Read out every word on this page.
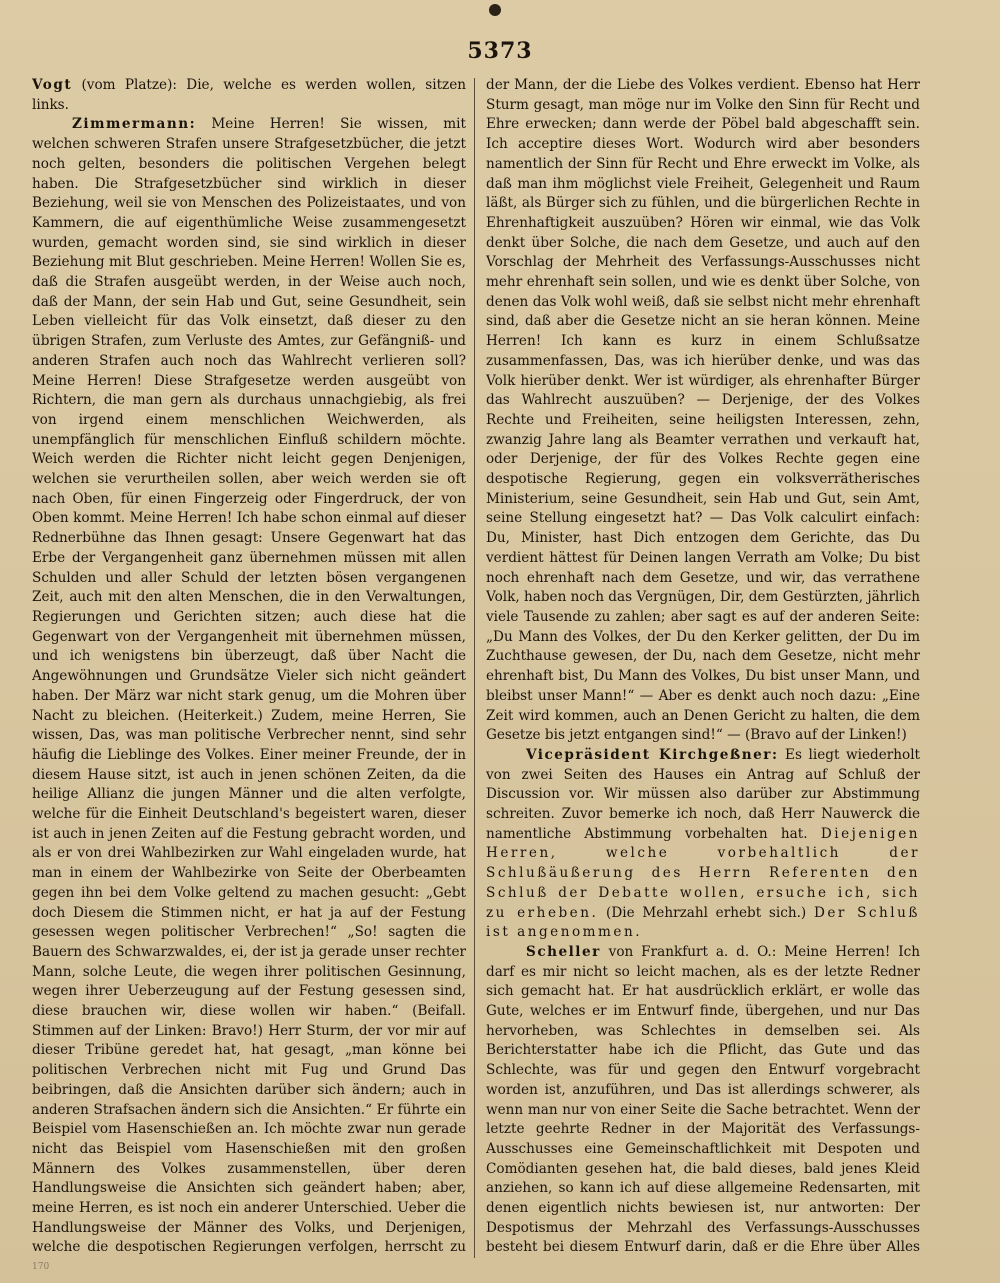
5373

Vogt (vom Platze): Die, welche es werden wollen, sitzen links.

Zimmermann: Meine Herren! Sie wissen, mit welchen schweren Strafen unsere Strafgesetzbücher, die jetzt noch gelten, besonders die politischen Vergehen belegt haben. Die Strafgesetzbücher sind wirklich in dieser Beziehung, weil sie von Menschen des Polizeistaates, und von Kammern, die auf eigenthümliche Weise zusammengesetzt wurden, gemacht worden sind, sie sind wirklich in dieser Beziehung mit Blut geschrieben. Meine Herren! Wollen Sie es, daß die Strafen ausgeübt werden, in der Weise auch noch, daß der Mann, der sein Hab und Gut, seine Gesundheit, sein Leben vielleicht für das Volk einsetzt, daß dieser zu den übrigen Strafen, zum Verluste des Amtes, zur Gefängniß- und anderen Strafen auch noch das Wahlrecht verlieren soll? Meine Herren! Diese Strafgesetze werden ausgeübt von Richtern, die man gern als durchaus unnachgiebig, als frei von irgend einem menschlichen Weichwerden, als unempfänglich für menschlichen Einfluß schildern möchte. Weich werden die Richter nicht leicht gegen Denjenigen, welchen sie verurtheilen sollen, aber weich werden sie oft nach Oben, für einen Fingerzeig oder Fingerdruck, der von Oben kommt. Meine Herren! Ich habe schon einmal auf dieser Rednerbühne das Ihnen gesagt: Unsere Gegenwart hat das Erbe der Vergangenheit ganz übernehmen müssen mit allen Schulden und aller Schuld der letzten bösen vergangenen Zeit, auch mit den alten Menschen, die in den Verwaltungen, Regierungen und Gerichten sitzen; auch diese hat die Gegenwart von der Vergangenheit mit übernehmen müssen, und ich wenigstens bin überzeugt, daß über Nacht die Angewöhnungen und Grundsätze Vieler sich nicht geändert haben. Der März war nicht stark genug, um die Mohren über Nacht zu bleichen. (Heiterkeit.) Zudem, meine Herren, Sie wissen, Das, was man politische Verbrecher nennt, sind sehr häufig die Lieblinge des Volkes. Einer meiner Freunde, der in diesem Hause sitzt, ist auch in jenen schönen Zeiten, da die heilige Allianz die jungen Männer und die alten verfolgte, welche für die Einheit Deutschland's begeistert waren, dieser ist auch in jenen Zeiten auf die Festung gebracht worden, und als er von drei Wahlbezirken zur Wahl eingeladen wurde, hat man in einem der Wahlbezirke von Seite der Oberbeamten gegen ihn bei dem Volke geltend zu machen gesucht: „Gebt doch Diesem die Stimmen nicht, er hat ja auf der Festung gesessen wegen politischer Verbrechen!“ „So! sagten die Bauern des Schwarzwaldes, ei, der ist ja gerade unser rechter Mann, solche Leute, die wegen ihrer politischen Gesinnung, wegen ihrer Ueberzeugung auf der Festung gesessen sind, diese brauchen wir, diese wollen wir haben.“ (Beifall. Stimmen auf der Linken: Bravo!) Herr Sturm, der vor mir auf dieser Tribüne geredet hat, hat gesagt, „man könne bei politischen Verbrechen nicht mit Fug und Grund Das beibringen, daß die Ansichten darüber sich ändern; auch in anderen Strafsachen ändern sich die Ansichten.“ Er führte ein Beispiel vom Hasenschießen an. Ich möchte zwar nun gerade nicht das Beispiel vom Hasenschießen mit den großen Männern des Volkes zusammenstellen, über deren Handlungsweise die Ansichten sich geändert haben; aber, meine Herren, es ist noch ein anderer Unterschied. Ueber die Handlungsweise der Männer des Volks, und Derjenigen, welche die despotischen Regierungen verfolgen, herrscht zu

der Mann, der die Liebe des Volkes verdient. Ebenso hat Herr Sturm gesagt, man möge nur im Volke den Sinn für Recht und Ehre erwecken; dann werde der Pöbel bald abgeschafft sein. Ich acceptire dieses Wort. Wodurch wird aber besonders namentlich der Sinn für Recht und Ehre erweckt im Volke, als daß man ihm möglichst viele Freiheit, Gelegenheit und Raum läßt, als Bürger sich zu fühlen, und die bürgerlichen Rechte in Ehrenhaftigkeit auszuüben? Hören wir einmal, wie das Volk denkt über Solche, die nach dem Gesetze, und auch auf den Vorschlag der Mehrheit des Verfassungs-Ausschusses nicht mehr ehrenhaft sein sollen, und wie es denkt über Solche, von denen das Volk wohl weiß, daß sie selbst nicht mehr ehrenhaft sind, daß aber die Gesetze nicht an sie heran können. Meine Herren! Ich kann es kurz in einem Schlußsatze zusammenfassen, Das, was ich hierüber denke, und was das Volk hierüber denkt. Wer ist würdiger, als ehrenhafter Bürger das Wahlrecht auszuüben? — Derjenige, der des Volkes Rechte und Freiheiten, seine heiligsten Interessen, zehn, zwanzig Jahre lang als Beamter verrathen und verkauft hat, oder Derjenige, der für des Volkes Rechte gegen eine despotische Regierung, gegen ein volksverrätherisches Ministerium, seine Gesundheit, sein Hab und Gut, sein Amt, seine Stellung eingesetzt hat? — Das Volk calculirt einfach: Du, Minister, hast Dich entzogen dem Gerichte, das Du verdient hättest für Deinen langen Verrath am Volke; Du bist noch ehrenhaft nach dem Gesetze, und wir, das verrathene Volk, haben noch das Vergnügen, Dir, dem Gestürzten, jährlich viele Tausende zu zahlen; aber sagt es auf der anderen Seite: „Du Mann des Volkes, der Du den Kerker gelitten, der Du im Zuchthause gewesen, der Du, nach dem Gesetze, nicht mehr ehrenhaft bist, Du Mann des Volkes, Du bist unser Mann, und bleibst unser Mann!“ — Aber es denkt auch noch dazu: „Eine Zeit wird kommen, auch an Denen Gericht zu halten, die dem Gesetze bis jetzt entgangen sind!“ — (Bravo auf der Linken!)

Vicepräsident Kirchgeßner: Es liegt wiederholt von zwei Seiten des Hauses ein Antrag auf Schluß der Discussion vor. Wir müssen also darüber zur Abstimmung schreiten. Zuvor bemerke ich noch, daß Herr Nauwerck die namentliche Abstimmung vorbehalten hat. Diejenigen Herren, welche vorbehaltlich der Schlußäußerung des Herrn Referenten den Schluß der Debatte wollen, ersuche ich, sich zu erheben. (Die Mehrzahl erhebt sich.) Der Schluß ist angenommen.

Scheller von Frankfurt a. d. O.: Meine Herren! Ich darf es mir nicht so leicht machen, als es der letzte Redner sich gemacht hat. Er hat ausdrücklich erklärt, er wolle das Gute, welches er im Entwurf finde, übergehen, und nur Das hervorheben, was Schlechtes in demselben sei. Als Berichterstatter habe ich die Pflicht, das Gute und das Schlechte, was für und gegen den Entwurf vorgebracht worden ist, anzuführen, und Das ist allerdings schwerer, als wenn man nur von einer Seite die Sache betrachtet. Wenn der letzte geehrte Redner in der Majorität des Verfassungs-Ausschusses eine Gemeinschaftlichkeit mit Despoten und Comödianten gesehen hat, die bald dieses, bald jenes Kleid anziehen, so kann ich auf diese allgemeine Redensarten, mit denen eigentlich nichts bewiesen ist, nur antworten: Der Despotismus der Mehrzahl des Verfassungs-Ausschusses besteht bei diesem Entwurf darin, daß er die Ehre über Alles

170
